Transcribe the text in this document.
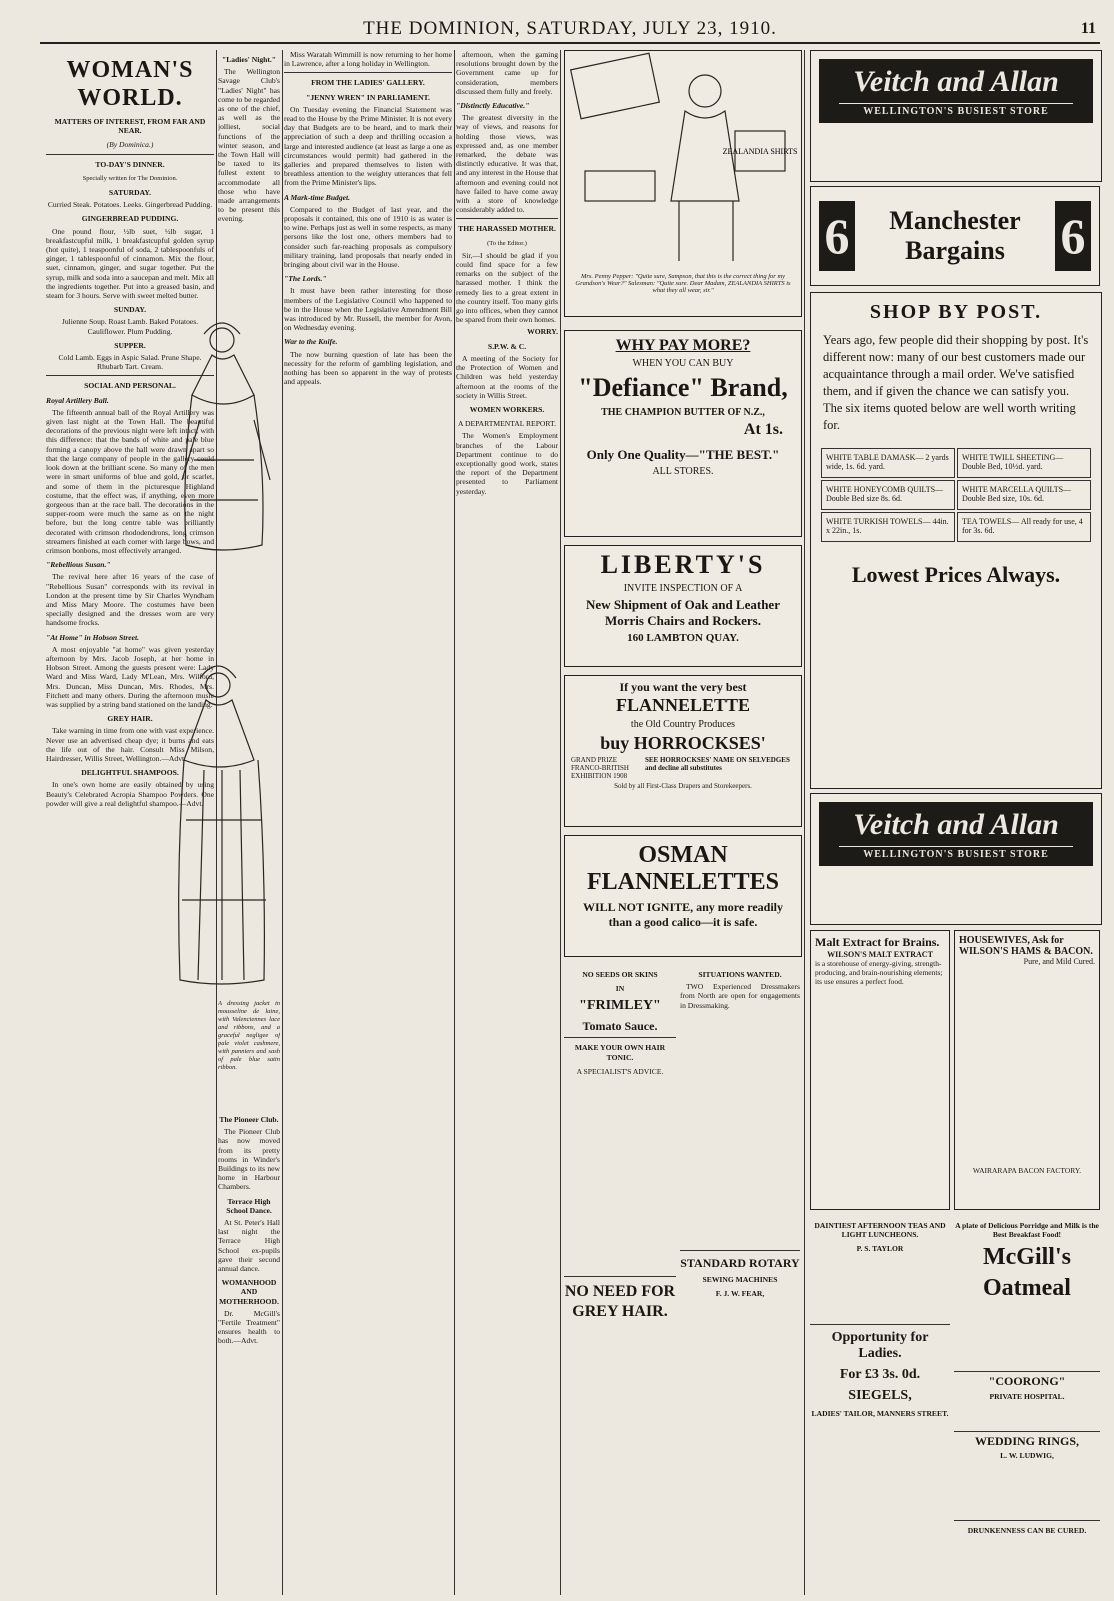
THE DOMINION, SATURDAY, JULY 23, 1910.	11
WOMAN'S WORLD.
MATTERS OF INTEREST, FROM FAR AND NEAR.
(By Dominica.)
TO-DAY'S DINNER.
Specially written for The Dominion.
SATURDAY.

Curried Steak. Potatoes. Leeks. Gingerbread Pudding.

GINGERBREAD PUDDING.

One pound flour, ½lb suet, ½lb sugar, 1 breakfastcupful milk, 1 breakfastcupful golden syrup (hot quite), 1 teaspoonful of soda, 2 tablespoonfuls of ginger, 1 tablespoonful of cinnamon. Mix the flour, suet, cinnamon, ginger, and sugar together. Put the syrup, milk and soda into a saucepan and melt. Mix all the ingredients together. Put into a greased basin, and steam for 3 hours. Serve with sweet melted butter.

SUNDAY.

Julienne Soup. Roast Lamb. Baked Potatoes. Cauliflower. Plum Pudding.

SUPPER.

Cold Lamb. Eggs in Aspic Salad. Prune Shape. Rhubarb Tart. Cream.

SOCIAL AND PERSONAL.
Royal Artillery Ball.

The fifteenth annual ball of the Royal Artillery was given last night at the Town Hall. The beautiful decorations of the previous night were left intact, with this difference: that the bands of white and pale blue forming a canopy above the hall were drawn apart so that the large company of people in the gallery could look down at the brilliant scene. So many of the men were in smart uniforms of blue and gold, or scarlet, and some of them in the picturesque Highland costume, that the effect was, if anything, even more gorgeous than at the race ball. The decorations in the supper-room were much the same as on the night before, but the long centre table was brilliantly decorated with crimson rhododendrons, long crimson streamers finished at each corner with large bows, and crimson bonbons, most effectively arranged.

"Rebellious Susan."

The revival here after 16 years of the case of "Rebellious Susan" corresponds with its revival in London at the present time by Sir Charles Wyndham and Miss Mary Moore. The costumes have been specially designed and the dresses worn are very handsome frocks.

"At Home" in Hobson Street.

A most enjoyable "at home" was given yesterday afternoon by Mrs. Jacob Joseph, at her home in Hobson Street. Among the guests present were: Lady Ward and Miss Ward, Lady M'Lean, Mrs. Wilford, Mrs. Duncan, Miss Duncan, Mrs. Rhodes, Mrs. Fitchett and many others. During the afternoon music was supplied by a string band stationed on the landing.

GREY HAIR.

Take warning in time from one with vast experience. Never use an advertised cheap dye; it burns and eats the life out of the hair. Consult Miss Milson, Hairdresser, Willis Street, Wellington.—Advt.

DELIGHTFUL SHAMPOOS.

In one's own home are easily obtained by using Beauty's Celebrated Acropia Shampoo Powders. One powder will give a real delightful shampoo.—Advt.

"Ladies' Night."

The Wellington Savage Club's "Ladies' Night" has come to be regarded as one of the chief, as well as the jolliest, social functions of the winter season, and the Town Hall will be taxed to its fullest extent to accommodate all those who have made arrangements to be present this evening.

A dressing jacket in mousseline de laine, with Valenciennes lace and ribbons, and a graceful negligee of pale violet cashmere, with panniers and sash of pale blue satin ribbon.
The Pioneer Club.

The Pioneer Club has now moved from its pretty rooms in Winder's Buildings to its new home in Harbour Chambers.

Terrace High School Dance.

At St. Peter's Hall last night the Terrace High School ex-pupils gave their second annual dance.

WOMANHOOD AND MOTHERHOOD.

Dr. McGill's "Fertile Treatment" ensures health to both.—Advt.

Miss Waratah Wimmill is now returning to her home in Lawrence, after a long holiday in Wellington.

FROM THE LADIES' GALLERY.
"JENNY WREN" IN PARLIAMENT.

On Tuesday evening the Financial Statement was read to the House by the Prime Minister. It is not every day that Budgets are to be heard, and to mark their appreciation of such a deep and thrilling occasion a large and interested audience (at least as large a one as circumstances would permit) had gathered in the galleries and prepared themselves to listen with breathless attention to the weighty utterances that fell from the Prime Minister's lips.

A Mark-time Budget.

Compared to the Budget of last year, and the proposals it contained, this one of 1910 is as water is to wine. Perhaps just as well in some respects, as many persons like the lost one, others members had to consider such far-reaching proposals as compulsory military training, land proposals that nearly ended in bringing about civil war in the House.

"The Lords."

It must have been rather interesting for those members of the Legislative Council who happened to be in the House when the Legislative Amendment Bill was introduced by Mr. Russell, the member for Avon, on Wednesday evening.

War to the Knife.

The now burning question of late has been the necessity for the reform of gambling legislation, and nothing has been so apparent in the way of protests and appeals.

afternoon, when the gaming resolutions brought down by the Government came up for consideration, members discussed them fully and freely.

"Distinctly Educative."

The greatest diversity in the way of views, and reasons for holding those views, was expressed and, as one member remarked, the debate was distinctly educative. It was that, and any interest in the House that afternoon and evening could not have failed to have come away with a store of knowledge considerably added to.

THE HARASSED MOTHER.
(To the Editor.)

Sir,—I should be glad if you could find space for a few remarks on the subject of the harassed mother. I think the remedy lies to a great extent in the country itself. Too many girls go into offices, when they cannot be spared from their own homes.

WORRY.
S.P.W. & C.

A meeting of the Society for the Protection of Women and Children was held yesterday afternoon at the rooms of the society in Willis Street.

WOMEN WORKERS.
A DEPARTMENTAL REPORT.

The Women's Employment branches of the Labour Department continue to do exceptionally good work, states the report of the Department presented to Parliament yesterday.

ZEALANDIA SHIRTS
Mrs. Penny Pepper: "Quite sure, Sampson, that this is the correct thing for my Grandson's Wear?" Salesman: "Quite sure. Dear Madam, ZEALANDIA SHIRTS is what they all wear, sir."
WHY PAY MORE?
WHEN YOU CAN BUY
"Defiance" Brand,
THE CHAMPION BUTTER OF N.Z.,
At 1s.
Only One Quality—"THE BEST."
ALL STORES.
LIBERTY'S
INVITE INSPECTION OF A
New Shipment of Oak and Leather
Morris Chairs and Rockers.
160 LAMBTON QUAY.
If you want the very best
FLANNELETTE
the Old Country Produces
buy HORROCKSES'
GRAND PRIZE FRANCO-BRITISH EXHIBITION 1908
SEE HORROCKSES' NAME ON SELVEDGES and decline all substitutes
Sold by all First-Class Drapers and Storekeepers.
OSMAN FLANNELETTES
WILL NOT IGNITE, any more readily than a good calico—it is safe.
NO SEEDS OR SKINS
IN
"FRIMLEY"
Tomato Sauce.
MAKE YOUR OWN HAIR TONIC.
A SPECIALIST'S ADVICE.
NO NEED FOR GREY HAIR.
SITUATIONS WANTED.

TWO Experienced Dressmakers from North are open for engagements in Dressmaking.

STANDARD ROTARY
SEWING MACHINES
F. J. W. FEAR,
Veitch and Allan
WELLINGTON'S BUSIEST STORE
6	Manchester Bargains	6
SHOP BY POST.
Years ago, few people did their shopping by post. It's different now: many of our best customers made our acquaintance through a mail order. We've satisfied them, and if given the chance we can satisfy you. The six items quoted below are well worth writing for.
WHITE TABLE DAMASK— 2 yards wide, 1s. 6d. yard.
WHITE TWILL SHEETING— Double Bed, 10½d. yard.
WHITE HONEYCOMB QUILTS— Double Bed size 8s. 6d.
WHITE MARCELLA QUILTS— Double Bed size, 10s. 6d.
WHITE TURKISH TOWELS— 44in. x 22in., 1s.
TEA TOWELS— All ready for use, 4 for 3s. 6d.
Lowest Prices Always.
Veitch and Allan
WELLINGTON'S BUSIEST STORE
Malt Extract for Brains.
WILSON'S MALT EXTRACT
is a storehouse of energy-giving, strength-producing, and brain-nourishing elements; its use ensures a perfect food.
HOUSEWIVES, Ask for WILSON'S HAMS & BACON.
Pure, and Mild Cured.
WAIRARAPA BACON FACTORY.
DAINTIEST AFTERNOON TEAS AND LIGHT LUNCHEONS.
P. S. TAYLOR
Opportunity for Ladies.
For £3 3s. 0d.
SIEGELS,
LADIES' TAILOR, MANNERS STREET.
A plate of Delicious Porridge and Milk is the Best Breakfast Food!
McGill's
Oatmeal
"COORONG"
PRIVATE HOSPITAL.
WEDDING RINGS,
L. W. LUDWIG,
DRUNKENNESS CAN BE CURED.
